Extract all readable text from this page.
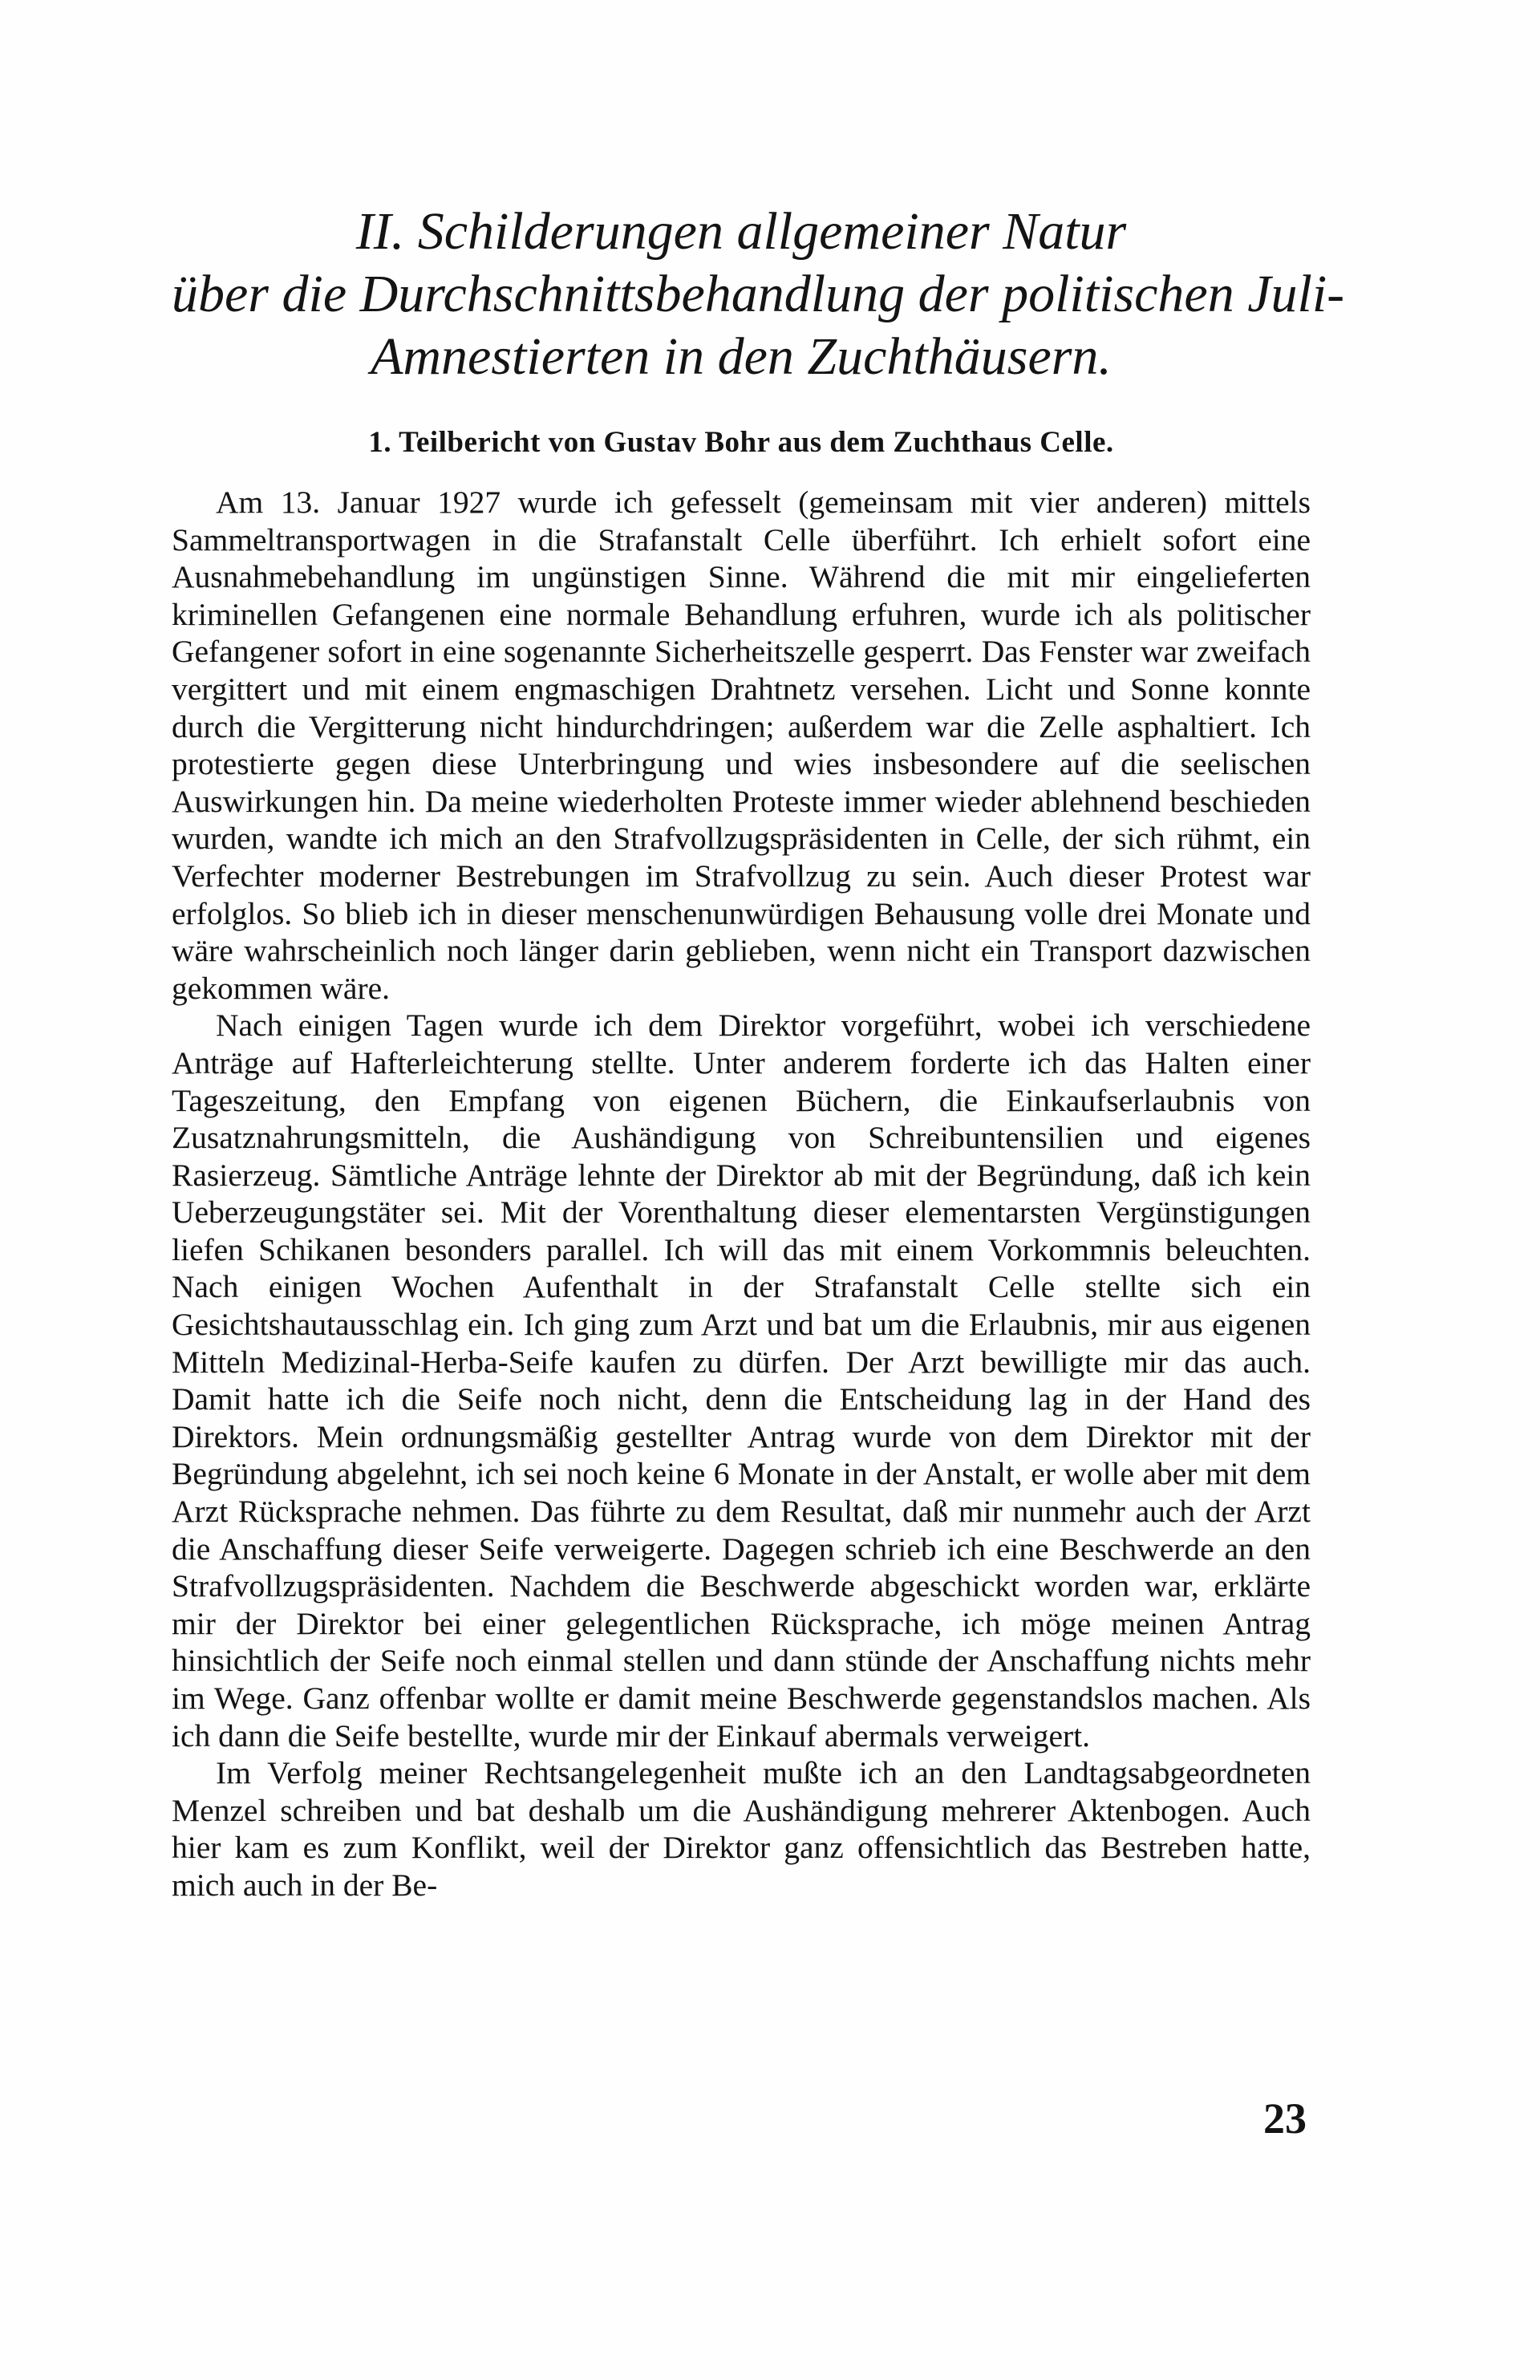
II. Schilderungen allgemeiner Natur
über die Durchschnittsbehandlung der politischen Juli-
Amnestierten in den Zuchthäusern.
1. Teilbericht von Gustav Bohr aus dem Zuchthaus Celle.

Am 13. Januar 1927 wurde ich gefesselt (gemeinsam mit vier anderen) mittels Sammeltransportwagen in die Strafanstalt Celle überführt. Ich erhielt sofort eine Ausnahmebehandlung im ungünstigen Sinne. Während die mit mir eingelieferten kriminellen Gefangenen eine normale Behandlung erfuhren, wurde ich als politischer Gefangener sofort in eine sogenannte Sicherheitszelle gesperrt. Das Fenster war zweifach vergittert und mit einem engmaschigen Drahtnetz versehen. Licht und Sonne konnte durch die Vergitterung nicht hindurchdringen; außerdem war die Zelle asphaltiert. Ich protestierte gegen diese Unterbringung und wies insbesondere auf die seelischen Auswirkungen hin. Da meine wiederholten Proteste immer wieder ablehnend beschieden wurden, wandte ich mich an den Strafvollzugspräsidenten in Celle, der sich rühmt, ein Verfechter moderner Bestrebungen im Strafvollzug zu sein. Auch dieser Protest war erfolglos. So blieb ich in dieser menschenunwürdigen Behausung volle drei Monate und wäre wahrscheinlich noch länger darin geblieben, wenn nicht ein Transport dazwischen gekommen wäre.

Nach einigen Tagen wurde ich dem Direktor vorgeführt, wobei ich verschiedene Anträge auf Hafterleichterung stellte. Unter anderem forderte ich das Halten einer Tageszeitung, den Empfang von eigenen Büchern, die Einkaufserlaubnis von Zusatznahrungsmitteln, die Aushändigung von Schreibuntensilien und eigenes Rasierzeug. Sämtliche Anträge lehnte der Direktor ab mit der Begründung, daß ich kein Ueberzeugungstäter sei. Mit der Vorenthaltung dieser elementarsten Vergünstigungen liefen Schikanen besonders parallel. Ich will das mit einem Vorkommnis beleuchten. Nach einigen Wochen Aufenthalt in der Strafanstalt Celle stellte sich ein Gesichtshautausschlag ein. Ich ging zum Arzt und bat um die Erlaubnis, mir aus eigenen Mitteln Medizinal-Herba-Seife kaufen zu dürfen. Der Arzt bewilligte mir das auch. Damit hatte ich die Seife noch nicht, denn die Entscheidung lag in der Hand des Direktors. Mein ordnungsmäßig gestellter Antrag wurde von dem Direktor mit der Begründung abgelehnt, ich sei noch keine 6 Monate in der Anstalt, er wolle aber mit dem Arzt Rücksprache nehmen. Das führte zu dem Resultat, daß mir nunmehr auch der Arzt die Anschaffung dieser Seife verweigerte. Dagegen schrieb ich eine Beschwerde an den Strafvollzugspräsidenten. Nachdem die Beschwerde abgeschickt worden war, erklärte mir der Direktor bei einer gelegentlichen Rücksprache, ich möge meinen Antrag hinsichtlich der Seife noch einmal stellen und dann stünde der Anschaffung nichts mehr im Wege. Ganz offenbar wollte er damit meine Beschwerde gegenstandslos machen. Als ich dann die Seife bestellte, wurde mir der Einkauf abermals verweigert.

Im Verfolg meiner Rechtsangelegenheit mußte ich an den Landtagsabgeordneten Menzel schreiben und bat deshalb um die Aushändigung mehrerer Aktenbogen. Auch hier kam es zum Konflikt, weil der Direktor ganz offensichtlich das Bestreben hatte, mich auch in der Be-

23
